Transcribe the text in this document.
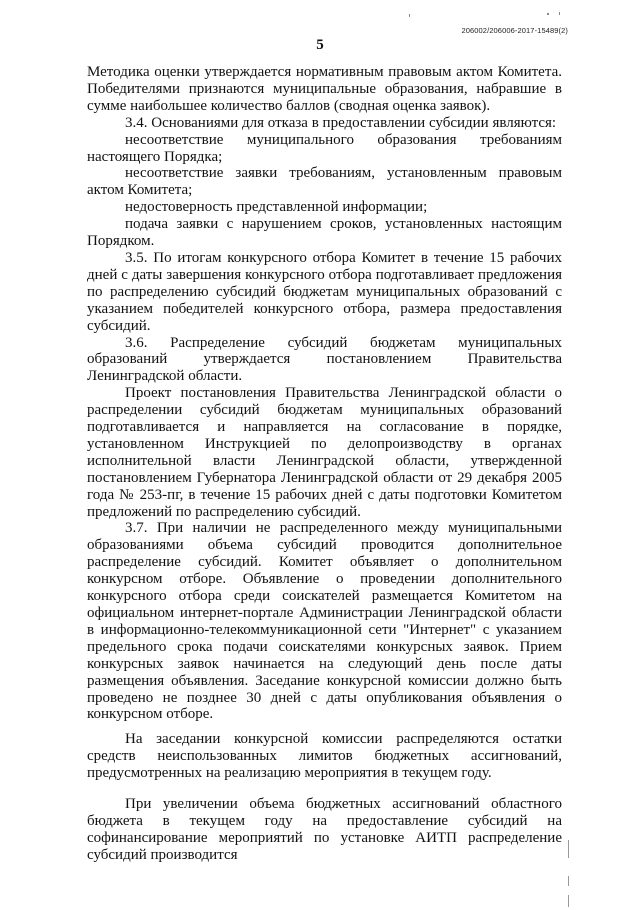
206002/206006-2017-15489(2)
5

Методика оценки утверждается нормативным правовым актом Комитета. Победителями признаются муниципальные образования, набравшие в сумме наибольшее количество баллов (сводная оценка заявок).

3.4. Основаниями для отказа в предоставлении субсидии являются:

несоответствие муниципального образования требованиям настоящего Порядка;

несоответствие заявки требованиям, установленным правовым актом Комитета;

недостоверность представленной информации;

подача заявки с нарушением сроков, установленных настоящим Порядком.

3.5. По итогам конкурсного отбора Комитет в течение 15 рабочих дней с даты завершения конкурсного отбора подготавливает предложения по распределению субсидий бюджетам муниципальных образований с указанием победителей конкурсного отбора, размера предоставления субсидий.

3.6. Распределение субсидий бюджетам муниципальных образований утверждается постановлением Правительства Ленинградской области.

Проект постановления Правительства Ленинградской области о распределении субсидий бюджетам муниципальных образований подготавливается и направляется на согласование в порядке, установленном Инструкцией по делопроизводству в органах исполнительной власти Ленинградской области, утвержденной постановлением Губернатора Ленинградской области от 29 декабря 2005 года № 253-пг, в течение 15 рабочих дней с даты подготовки Комитетом предложений по распределению субсидий.

3.7. При наличии не распределенного между муниципальными образованиями объема субсидий проводится дополнительное распределение субсидий. Комитет объявляет о дополнительном конкурсном отборе. Объявление о проведении дополнительного конкурсного отбора среди соискателей размещается Комитетом на официальном интернет-портале Администрации Ленинградской области в информационно-телекоммуникационной сети "Интернет" с указанием предельного срока подачи соискателями конкурсных заявок. Прием конкурсных заявок начинается на следующий день после даты размещения объявления. Заседание конкурсной комиссии должно быть проведено не позднее 30 дней с даты опубликования объявления о конкурсном отборе.

На заседании конкурсной комиссии распределяются остатки средств неиспользованных лимитов бюджетных ассигнований, предусмотренных на реализацию мероприятия в текущем году.

При увеличении объема бюджетных ассигнований областного бюджета в текущем году на предоставление субсидий на софинансирование мероприятий по установке АИТП распределение субсидий производится
